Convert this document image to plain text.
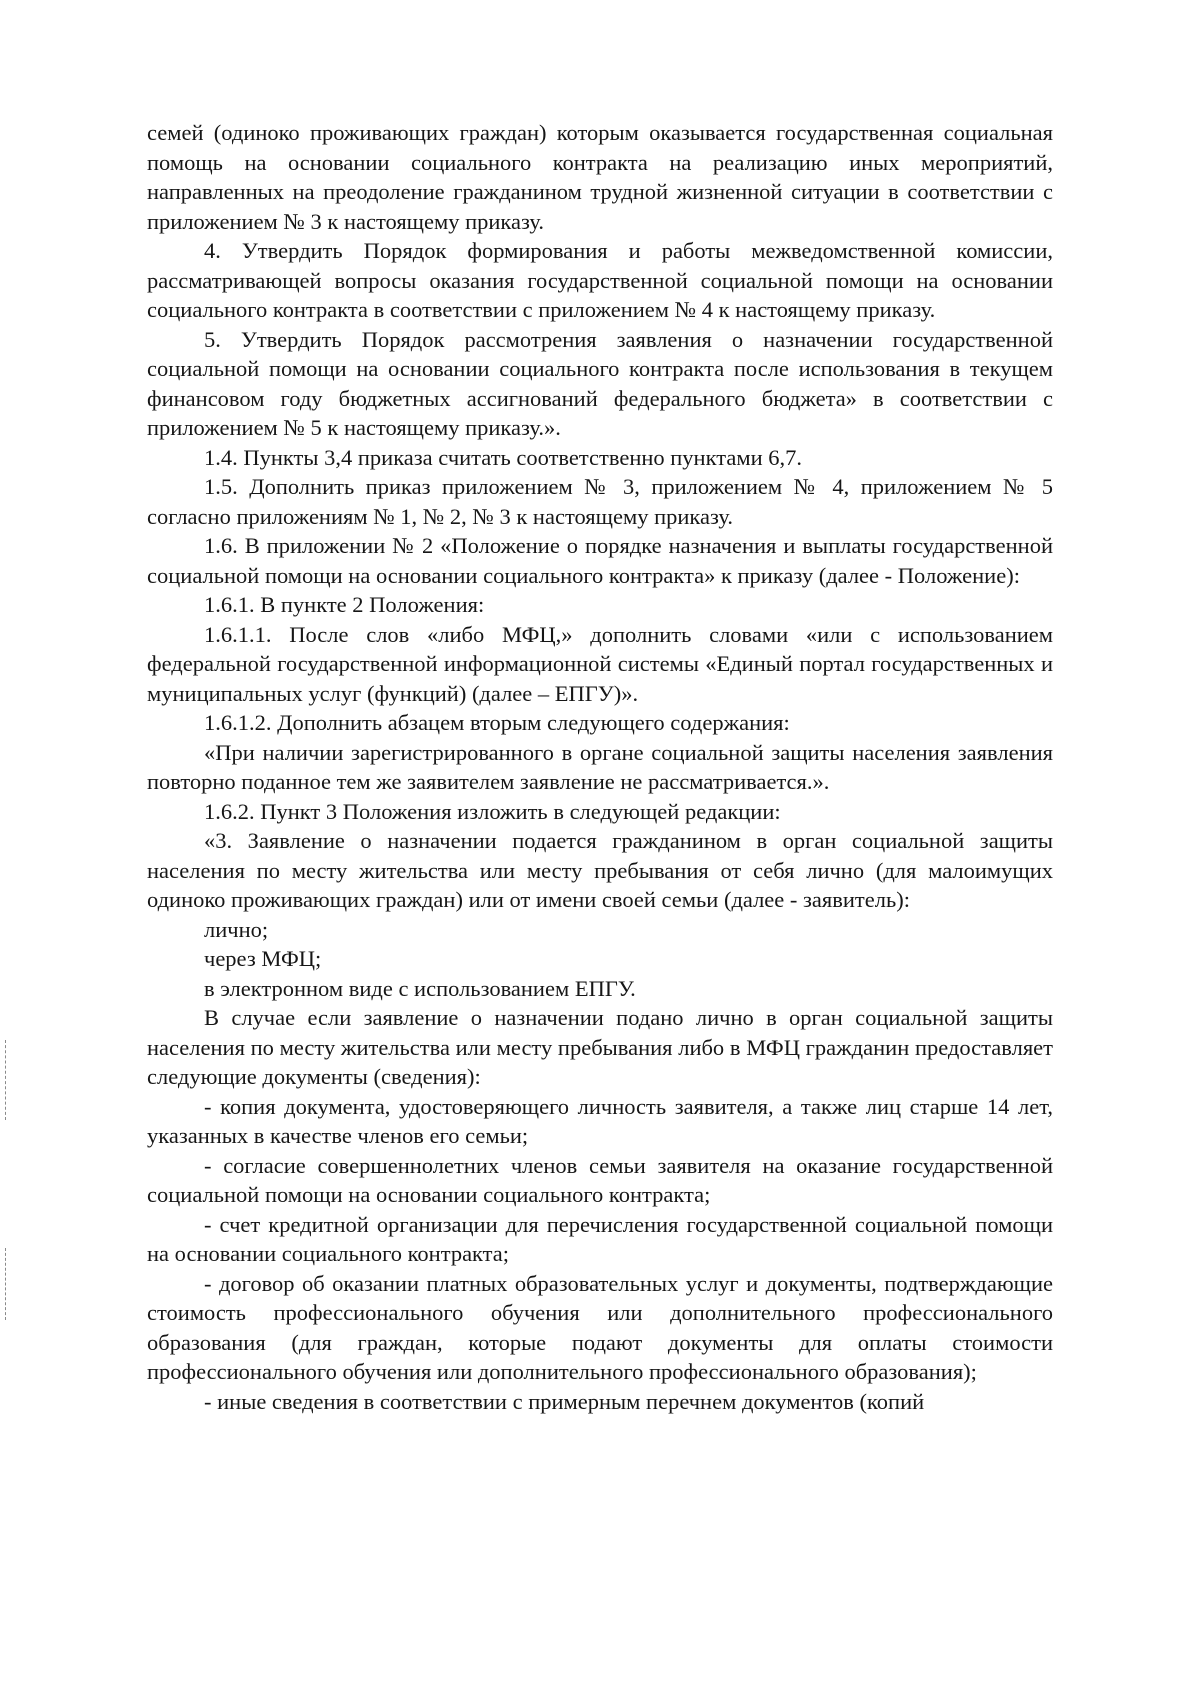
семей (одиноко проживающих граждан) которым оказывается государственная социальная помощь на основании социального контракта на реализацию иных мероприятий, направленных на преодоление гражданином трудной жизненной ситуации в соответствии с приложением № 3 к настоящему приказу.

4. Утвердить Порядок формирования и работы межведомственной комиссии, рассматривающей вопросы оказания государственной социальной помощи на основании социального контракта в соответствии с приложением № 4 к настоящему приказу.

5. Утвердить Порядок рассмотрения заявления о назначении государственной социальной помощи на основании социального контракта после использования в текущем финансовом году бюджетных ассигнований федерального бюджета» в соответствии с приложением № 5 к настоящему приказу.».

1.4. Пункты 3,4 приказа считать соответственно пунктами 6,7.

1.5. Дополнить приказ приложением № 3, приложением № 4, приложением № 5 согласно приложениям № 1, № 2, № 3 к настоящему приказу.

1.6. В приложении № 2 «Положение о порядке назначения и выплаты государственной социальной помощи на основании социального контракта» к приказу (далее - Положение):

1.6.1. В пункте 2 Положения:

1.6.1.1. После слов «либо МФЦ,» дополнить словами «или с использованием федеральной государственной информационной системы «Единый портал государственных и муниципальных услуг (функций) (далее – ЕПГУ)».

1.6.1.2. Дополнить абзацем вторым следующего содержания:

«При наличии зарегистрированного в органе социальной защиты населения заявления повторно поданное тем же заявителем заявление не рассматривается.».

1.6.2. Пункт 3 Положения изложить в следующей редакции:

«3. Заявление о назначении подается гражданином в орган социальной защиты населения по месту жительства или месту пребывания от себя лично (для малоимущих одиноко проживающих граждан) или от имени своей семьи (далее - заявитель):

лично;

через МФЦ;

в электронном виде с использованием ЕПГУ.

В случае если заявление о назначении подано лично в орган социальной защиты населения по месту жительства или месту пребывания либо в МФЦ гражданин предоставляет следующие документы (сведения):

- копия документа, удостоверяющего личность заявителя, а также лиц старше 14 лет, указанных в качестве членов его семьи;

- согласие совершеннолетних членов семьи заявителя на оказание государственной социальной помощи на основании социального контракта;

- счет кредитной организации для перечисления государственной социальной помощи на основании социального контракта;

- договор об оказании платных образовательных услуг и документы, подтверждающие стоимость профессионального обучения или дополнительного профессионального образования (для граждан, которые подают документы для оплаты стоимости профессионального обучения или дополнительного профессионального образования);

- иные сведения в соответствии с примерным перечнем документов (копий
